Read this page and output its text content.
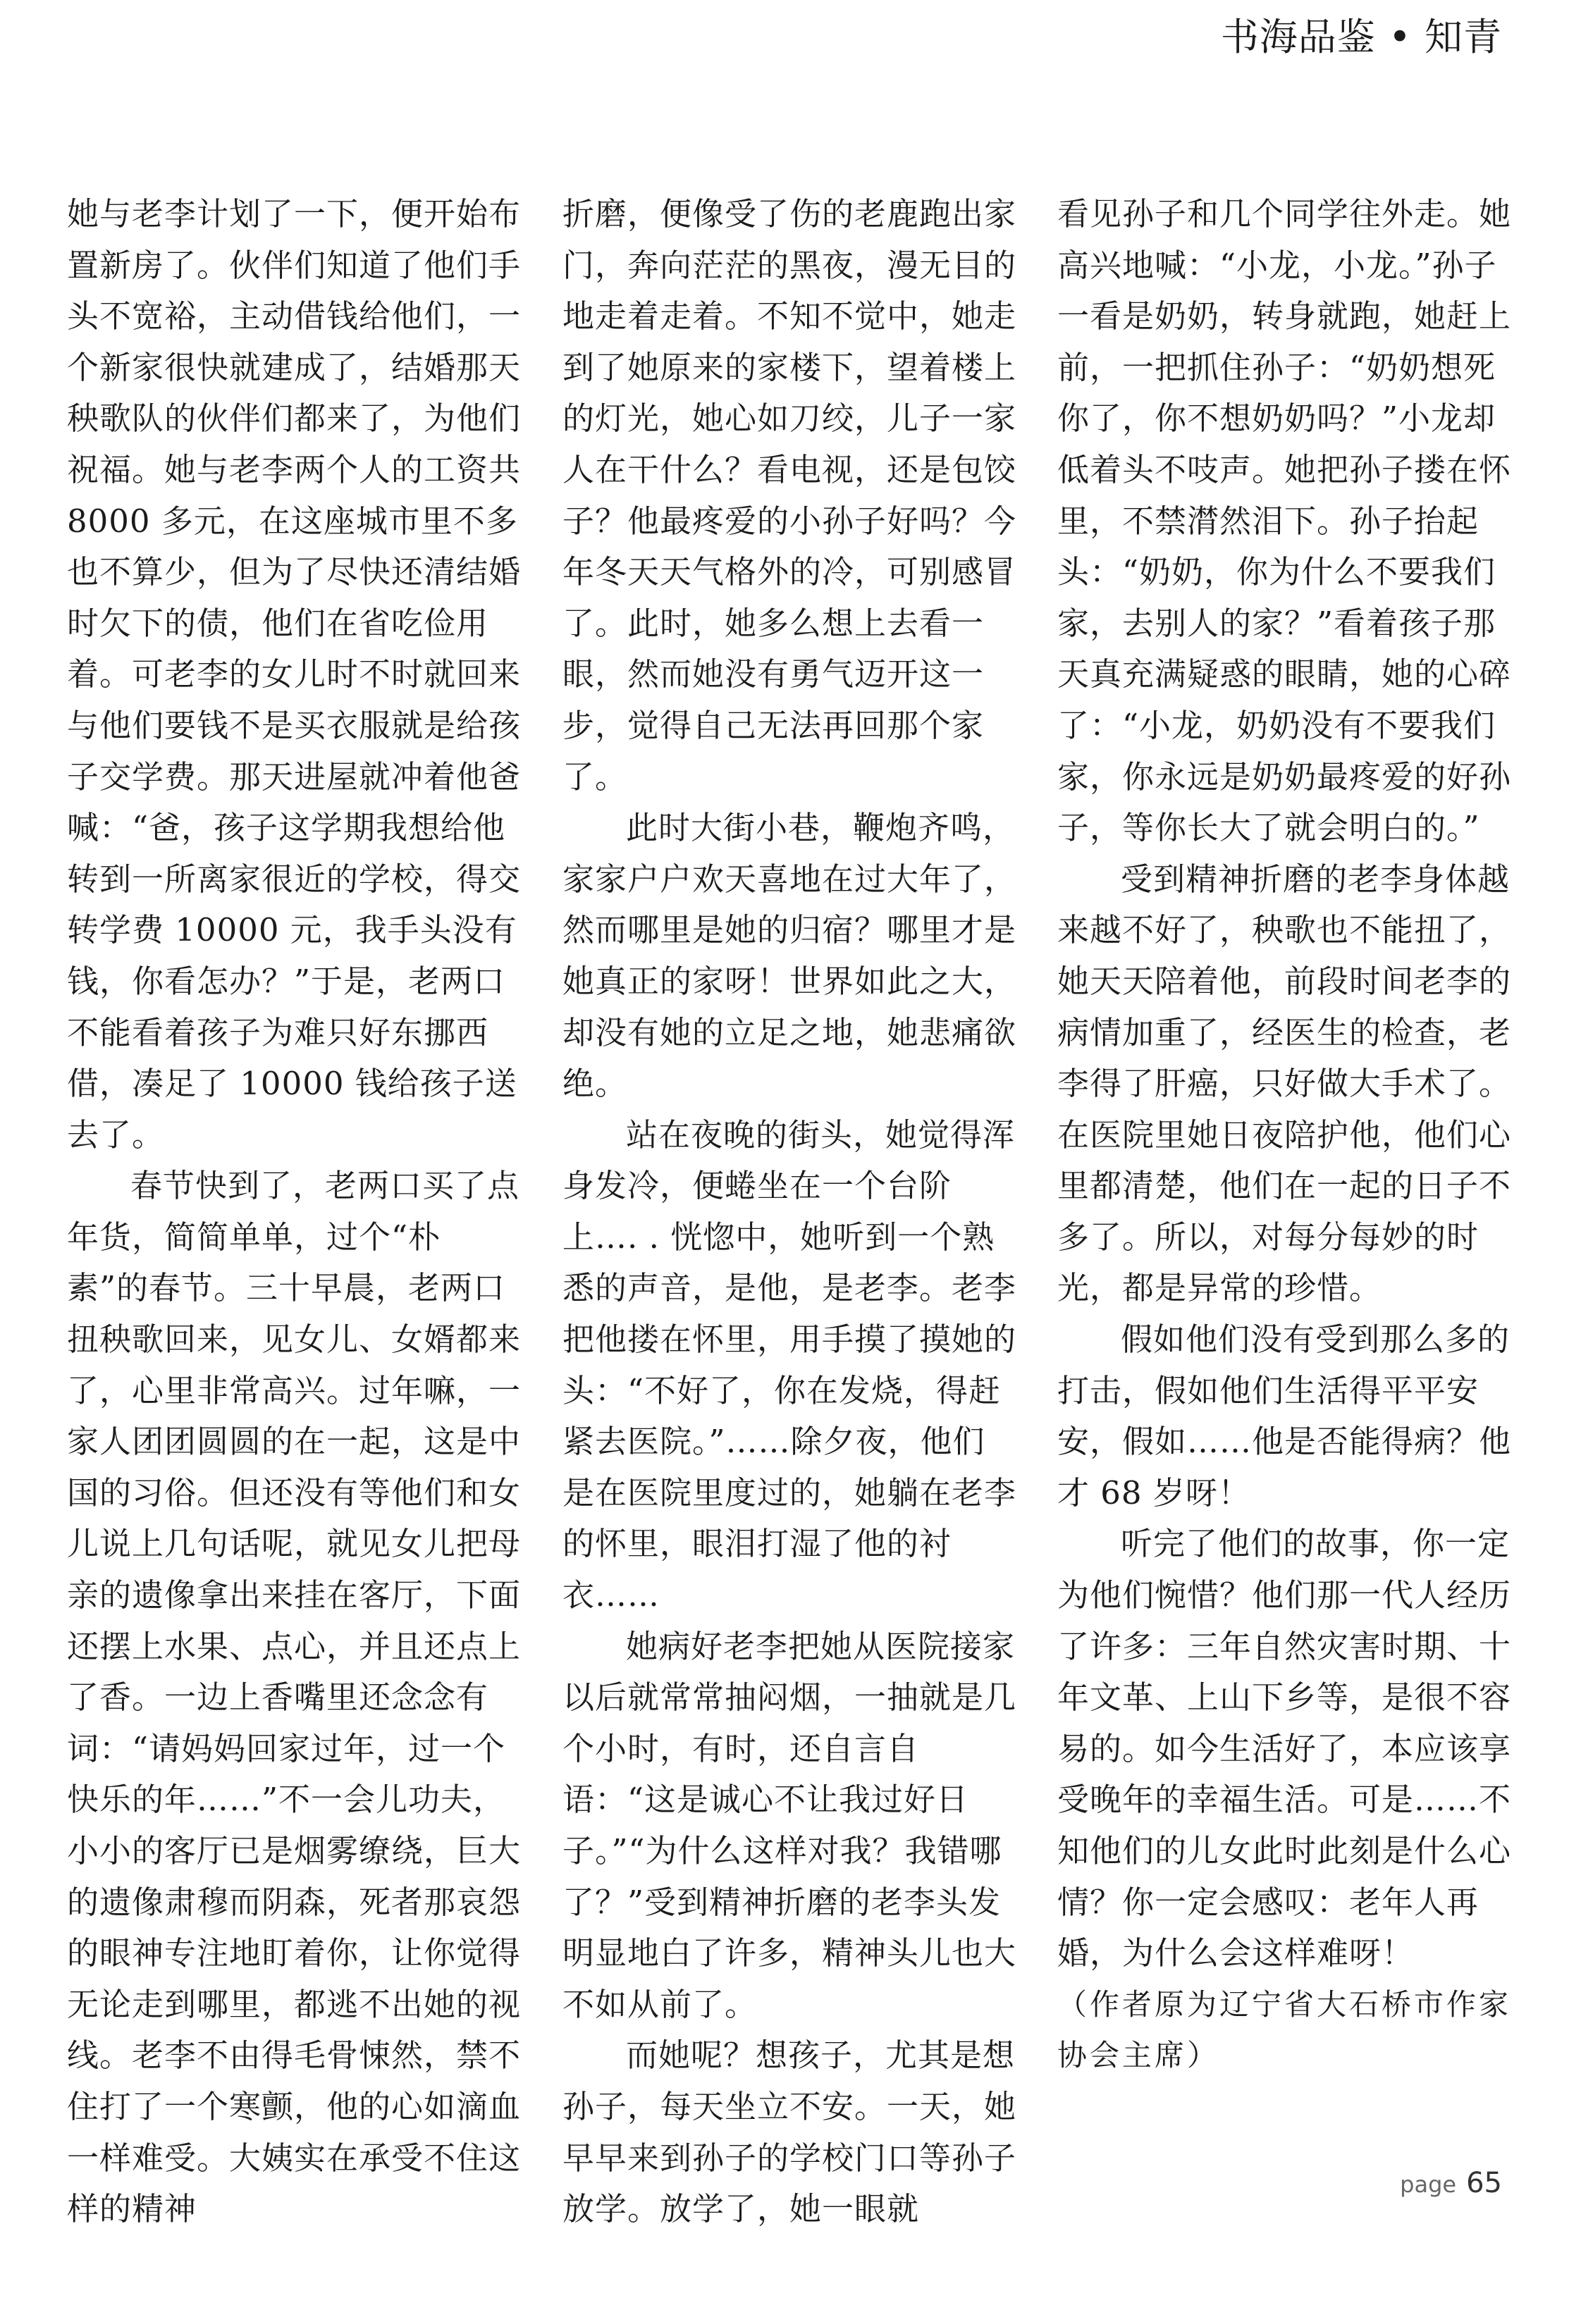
书海品鉴 • 知青

她与老李计划了一下，便开始布置新房了。伙伴们知道了他们手头不宽裕，主动借钱给他们，一个新家很快就建成了，结婚那天秧歌队的伙伴们都来了，为他们祝福。她与老李两个人的工资共 8000 多元，在这座城市里不多也不算少，但为了尽快还清结婚时欠下的债，他们在省吃俭用着。可老李的女儿时不时就回来与他们要钱不是买衣服就是给孩子交学费。那天进屋就冲着他爸喊：“爸，孩子这学期我想给他转到一所离家很近的学校，得交转学费 10000 元，我手头没有钱，你看怎办？”于是，老两口不能看着孩子为难只好东挪西借，凑足了 10000 钱给孩子送去了。

春节快到了，老两口买了点年货，简简单单，过个“朴素”的春节。三十早晨，老两口扭秧歌回来，见女儿、女婿都来了，心里非常高兴。过年嘛，一家人团团圆圆的在一起，这是中国的习俗。但还没有等他们和女儿说上几句话呢，就见女儿把母亲的遗像拿出来挂在客厅，下面还摆上水果、点心，并且还点上了香。一边上香嘴里还念念有词：“请妈妈回家过年，过一个快乐的年……”不一会儿功夫，小小的客厅已是烟雾缭绕，巨大的遗像肃穆而阴森，死者那哀怨的眼神专注地盯着你，让你觉得无论走到哪里，都逃不出她的视线。老李不由得毛骨悚然，禁不住打了一个寒颤，他的心如滴血一样难受。大姨实在承受不住这样的精神

折磨，便像受了伤的老鹿跑出家门，奔向茫茫的黑夜，漫无目的地走着走着。不知不觉中，她走到了她原来的家楼下，望着楼上的灯光，她心如刀绞，儿子一家人在干什么？看电视，还是包饺子？他最疼爱的小孙子好吗？今年冬天天气格外的冷，可别感冒了。此时，她多么想上去看一眼，然而她没有勇气迈开这一步，觉得自己无法再回那个家了。

此时大街小巷，鞭炮齐鸣，家家户户欢天喜地在过大年了，然而哪里是她的归宿？哪里才是她真正的家呀！世界如此之大，却没有她的立足之地，她悲痛欲绝。

站在夜晚的街头，她觉得浑身发冷，便蜷坐在一个台阶上…. . 恍惚中，她听到一个熟悉的声音，是他，是老李。老李把他搂在怀里，用手摸了摸她的头：“不好了，你在发烧，得赶紧去医院。”……除夕夜，他们是在医院里度过的，她躺在老李的怀里，眼泪打湿了他的衬衣……

她病好老李把她从医院接家以后就常常抽闷烟，一抽就是几个小时，有时，还自言自语：“这是诚心不让我过好日子。”“为什么这样对我？我错哪了？”受到精神折磨的老李头发明显地白了许多，精神头儿也大不如从前了。

而她呢？想孩子，尤其是想孙子，每天坐立不安。一天，她早早来到孙子的学校门口等孙子放学。放学了，她一眼就

看见孙子和几个同学往外走。她高兴地喊：“小龙，小龙。”孙子一看是奶奶，转身就跑，她赶上前，一把抓住孙子：“奶奶想死你了，你不想奶奶吗？”小龙却低着头不吱声。她把孙子搂在怀里，不禁潸然泪下。孙子抬起头：“奶奶，你为什么不要我们家，去别人的家？”看着孩子那天真充满疑惑的眼睛，她的心碎了：“小龙，奶奶没有不要我们家，你永远是奶奶最疼爱的好孙子，等你长大了就会明白的。”

受到精神折磨的老李身体越来越不好了，秧歌也不能扭了，她天天陪着他，前段时间老李的病情加重了，经医生的检查，老李得了肝癌，只好做大手术了。在医院里她日夜陪护他，他们心里都清楚，他们在一起的日子不多了。所以，对每分每妙的时光，都是异常的珍惜。

假如他们没有受到那么多的打击，假如他们生活得平平安安，假如……他是否能得病？他才 68 岁呀！

听完了他们的故事，你一定为他们惋惜？他们那一代人经历了许多：三年自然灾害时期、十年文革、上山下乡等，是很不容易的。如今生活好了，本应该享受晚年的幸福生活。可是……不知他们的儿女此时此刻是什么心情？你一定会感叹：老年人再婚，为什么会这样难呀！

（作者原为辽宁省大石桥市作家协会主席）

page 65
